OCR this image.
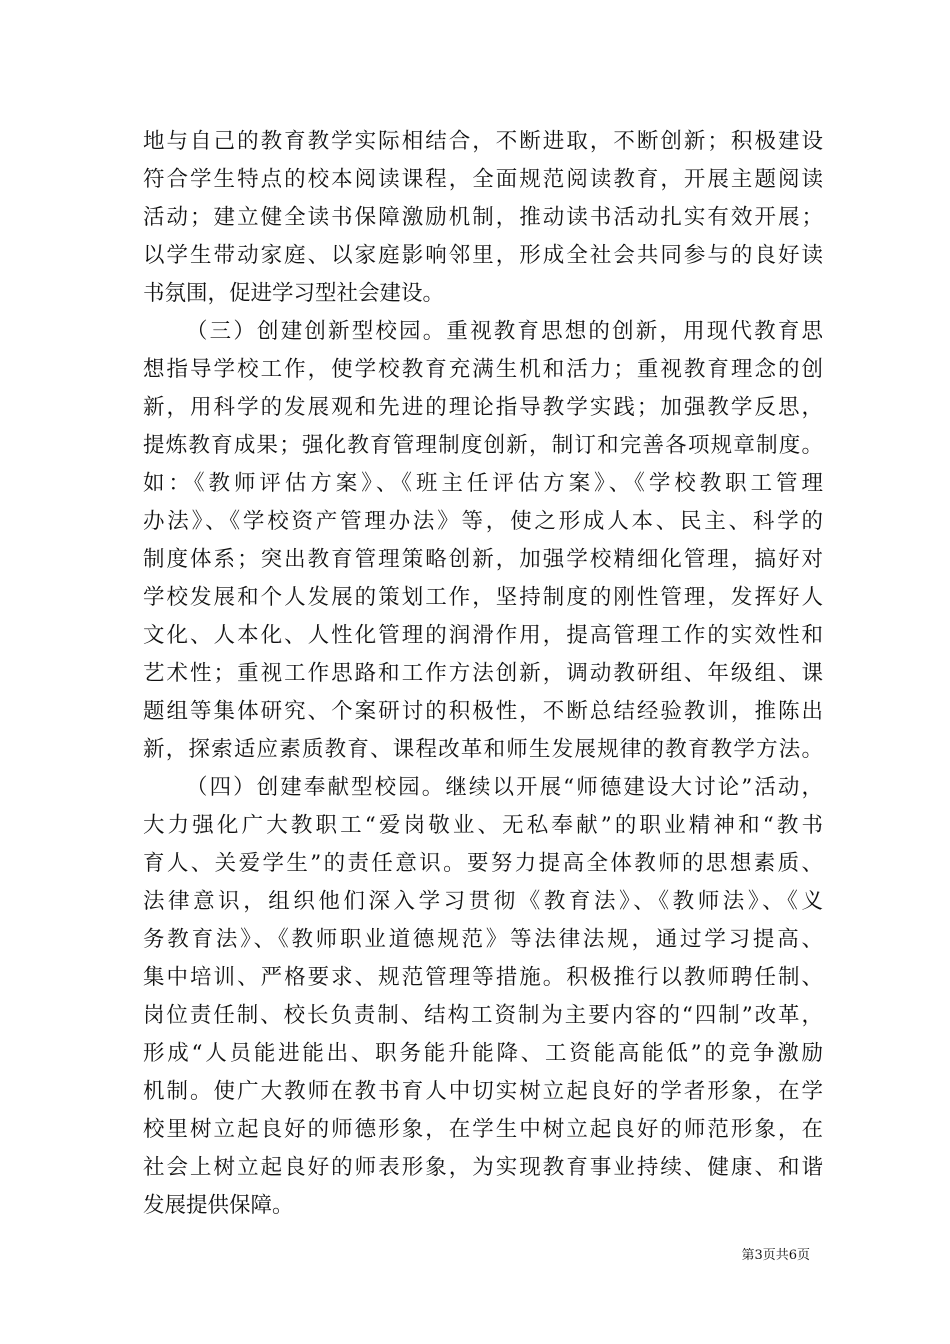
地与自己的教育教学实际相结合，不断进取，不断创新；积极建设
符合学生特点的校本阅读课程，全面规范阅读教育，开展主题阅读
活动；建立健全读书保障激励机制，推动读书活动扎实有效开展；
以学生带动家庭、以家庭影响邻里，形成全社会共同参与的良好读
书氛围，促进学习型社会建设。
（三）创建创新型校园。重视教育思想的创新，用现代教育思
想指导学校工作，使学校教育充满生机和活力；重视教育理念的创
新，用科学的发展观和先进的理论指导教学实践；加强教学反思，
提炼教育成果；强化教育管理制度创新，制订和完善各项规章制度。
如：《教师评估方案》、《班主任评估方案》、《学校教职工管理
办法》、《学校资产管理办法》等，使之形成人本、民主、科学的
制度体系；突出教育管理策略创新，加强学校精细化管理，搞好对
学校发展和个人发展的策划工作，坚持制度的刚性管理，发挥好人
文化、人本化、人性化管理的润滑作用，提高管理工作的实效性和
艺术性；重视工作思路和工作方法创新，调动教研组、年级组、课
题组等集体研究、个案研讨的积极性，不断总结经验教训，推陈出
新，探索适应素质教育、课程改革和师生发展规律的教育教学方法。
（四）创建奉献型校园。继续以开展“师德建设大讨论”活动，
大力强化广大教职工“爱岗敬业、无私奉献”的职业精神和“教书
育人、关爱学生”的责任意识。要努力提高全体教师的思想素质、
法律意识，组织他们深入学习贯彻《教育法》、《教师法》、《义
务教育法》、《教师职业道德规范》等法律法规，通过学习提高、
集中培训、严格要求、规范管理等措施。积极推行以教师聘任制、
岗位责任制、校长负责制、结构工资制为主要内容的“四制”改革，
形成“人员能进能出、职务能升能降、工资能高能低”的竞争激励
机制。使广大教师在教书育人中切实树立起良好的学者形象，在学
校里树立起良好的师德形象，在学生中树立起良好的师范形象，在
社会上树立起良好的师表形象，为实现教育事业持续、健康、和谐
发展提供保障。
第3页共6页
